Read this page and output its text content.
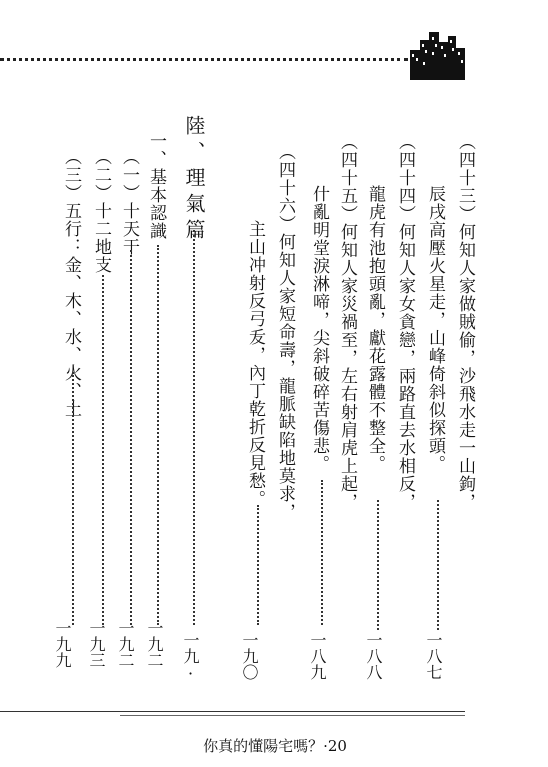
（四十三）何知人家做賊偷，沙飛水走一山鉤，
辰戌高壓火星走，山峰倚斜似探頭。
一八七
（四十四）何知人家女貪戀，兩路直去水相反，
龍虎有池抱頭亂，獻花露體不整全。
一八八
（四十五）何知人家災禍至，左右射肩虎上起，
什亂明堂淚淋啼，尖斜破碎苦傷悲。
一八九
（四十六）何知人家短命壽，龍脈缺陷地莫求，
主山冲射反弓叐，內丁乾折反見愁。
一九〇
陸、理氣篇
一九·
一、基本認識
一九二
（一）十天干
一九二
（二）十二地支
一九三
（三）五行：金、木、水、火、土
一九九
你真的懂陽宅嗎？·20
